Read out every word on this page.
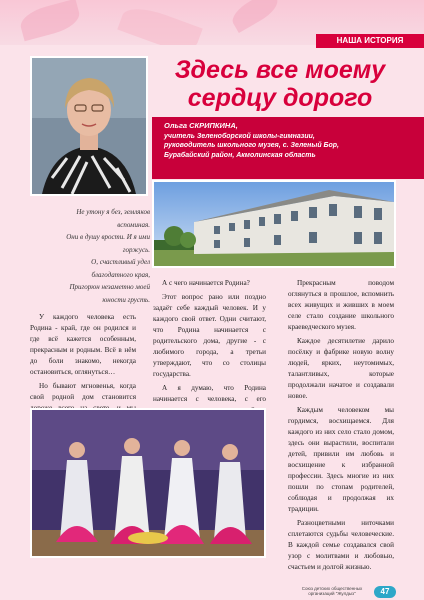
НАША ИСТОРИЯ
Здесь все моему
сердцу дорого

Ольга СКРИПКИНА,
учитель Зеленоборской школы-гимназии,
руководитель школьного музея, с. Зеленый Бор,
Бурабайский район, Акмолинская область

Не утону я без, земляков
вспоминая.
Они в душу врости. И я ими
горжусь.
О, счастливый удел
благодатного края,
Пригорюн незаметно моей
юности грусть.

У каждого человека есть Родина - край, где он родился и где всё кажется особенным, прекрасным и родным. Всё в нём до боли знакомо, некогда остановиться, оглянуться…

Но бывают мгновенья, когда свой родной дом становится

А с чего начинается Родина?

Этот вопрос рано или поздно задаёт себе каждый человек. И у каждого свой ответ. Одни считают, что Родина начинается с родительского дома, другие - с любимого города, а третьи утверждают, что со столицы государства.

А я думаю, что Родина начинается с человека, с его

Прекрасным поводом оглянуться в прошлое, вспомнить всех живущих и живших в моем селе стало создание школьного краеведческого музея.

Каждое десятилетие дарило посёлку и фабрике новую волну людей, ярких, неутомимых, талантливых, которые продолжали начатое и создавали новое.

Каждым человеком мы гордимся, восхищаемся. Для каждого из них село стало домом, здесь они вырастили, воспитали детей, привили им любовь и восхищение к избранной профессии. Здесь многие из них пошли по стопам родителей, соблюдая и продолжая их традиции.

Разноцветными ниточками сплетаются судьбы человеческие. В каждой семье создавался свой узор с молитвами и любовью, счастьем и долгой жизнью.

Союз детских общественных
организаций "Жулдыз"	47
